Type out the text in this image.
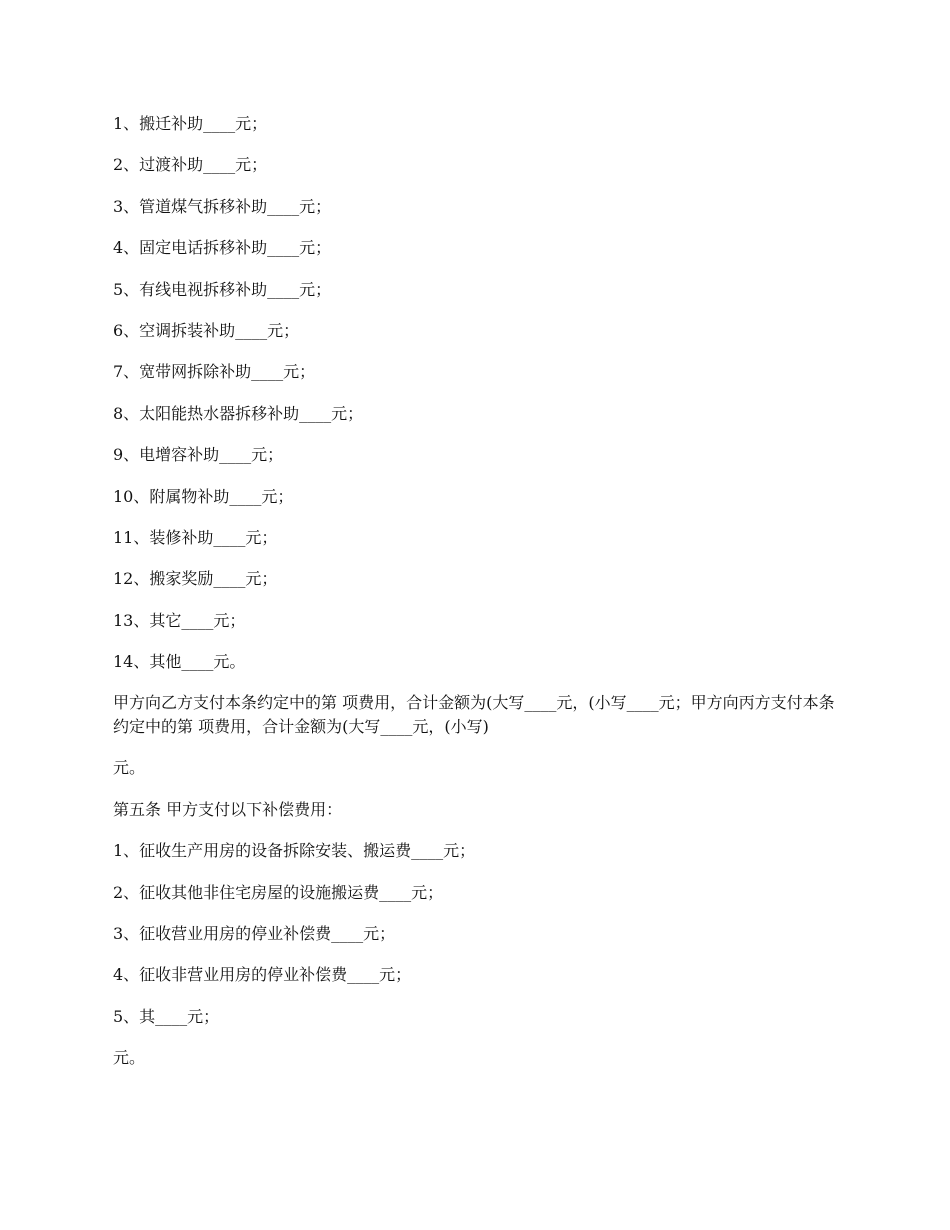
1、搬迁补助____元；

2、过渡补助____元；

3、管道煤气拆移补助____元；

4、固定电话拆移补助____元；

5、有线电视拆移补助____元；

6、空调拆装补助____元；

7、宽带网拆除补助____元；

8、太阳能热水器拆移补助____元；

9、电增容补助____元；

10、附属物补助____元；

11、装修补助____元；

12、搬家奖励____元；

13、其它____元；

14、其他____元。

甲方向乙方支付本条约定中的第 项费用，合计金额为(大写____元，(小写____元；甲方向丙方支付本条约定中的第 项费用，合计金额为(大写____元，(小写)

元。

第五条 甲方支付以下补偿费用：

1、征收生产用房的设备拆除安装、搬运费____元；

2、征收其他非住宅房屋的设施搬运费____元；

3、征收营业用房的停业补偿费____元；

4、征收非营业用房的停业补偿费____元；

5、其____元；

元。
